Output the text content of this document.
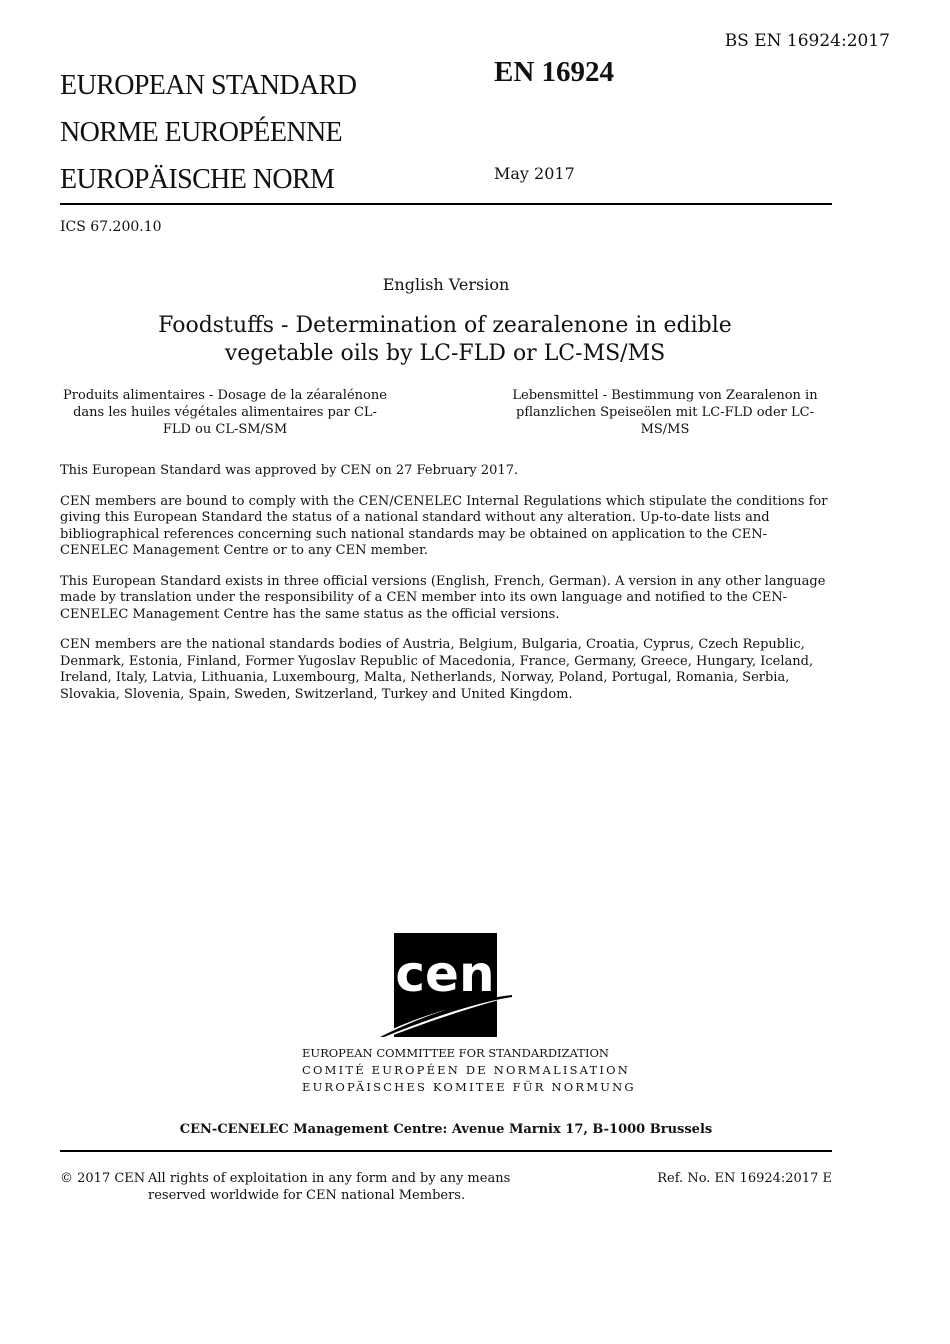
BS EN 16924:2017
EUROPEAN STANDARD
NORME EUROPÉENNE
EUROPÄISCHE NORM
EN 16924
May 2017
ICS 67.200.10
English Version
Foodstuffs - Determination of zearalenone in edible vegetable oils by LC-FLD or LC-MS/MS
Produits alimentaires - Dosage de la zéaralénone dans les huiles végétales alimentaires par CL-FLD ou CL-SM/SM
Lebensmittel - Bestimmung von Zearalenon in pflanzlichen Speiseölen mit LC-FLD oder LC-MS/MS

This European Standard was approved by CEN on 27 February 2017.

CEN members are bound to comply with the CEN/CENELEC Internal Regulations which stipulate the conditions for giving this European Standard the status of a national standard without any alteration. Up-to-date lists and bibliographical references concerning such national standards may be obtained on application to the CEN-CENELEC Management Centre or to any CEN member.

This European Standard exists in three official versions (English, French, German). A version in any other language made by translation under the responsibility of a CEN member into its own language and notified to the CEN-CENELEC Management Centre has the same status as the official versions.

CEN members are the national standards bodies of Austria, Belgium, Bulgaria, Croatia, Cyprus, Czech Republic, Denmark, Estonia, Finland, Former Yugoslav Republic of Macedonia, France, Germany, Greece, Hungary, Iceland, Ireland, Italy, Latvia, Lithuania, Luxembourg, Malta, Netherlands, Norway, Poland, Portugal, Romania, Serbia, Slovakia, Slovenia, Spain, Sweden, Switzerland, Turkey and United Kingdom.

cen
EUROPEAN COMMITTEE FOR STANDARDIZATION
COMITÉ EUROPÉEN DE NORMALISATION
EUROPÄISCHES KOMITEE FÜR NORMUNG
CEN-CENELEC Management Centre: Avenue Marnix 17, B-1000 Brussels
© 2017 CEN All rights of exploitation in any form and by any means reserved worldwide for CEN national Members.
Ref. No. EN 16924:2017 E
